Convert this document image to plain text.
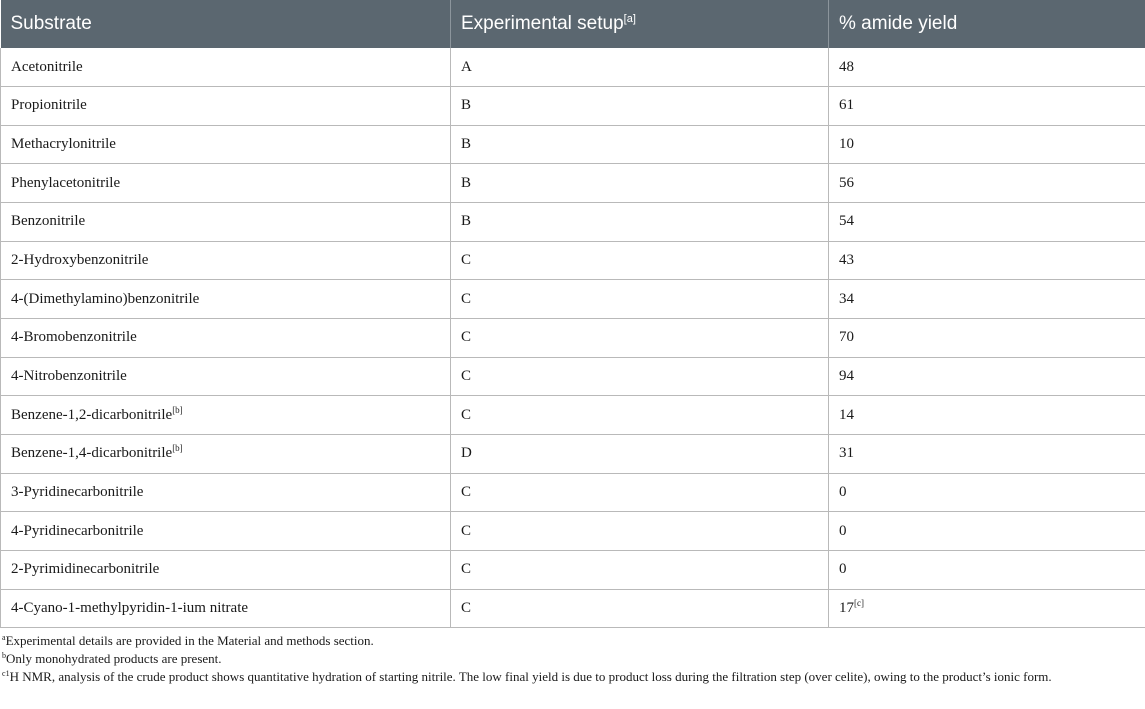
Substrate	Experimental setup[a]	% amide yield
Acetonitrile	A	48
Propionitrile	B	61
Methacrylonitrile	B	10
Phenylacetonitrile	B	56
Benzonitrile	B	54
2-Hydroxybenzonitrile	C	43
4-(Dimethylamino)benzonitrile	C	34
4-Bromobenzonitrile	C	70
4-Nitrobenzonitrile	C	94
Benzene-1,2-dicarbonitrile[b]	C	14
Benzene-1,4-dicarbonitrile[b]	D	31
3-Pyridinecarbonitrile	C	0
4-Pyridinecarbonitrile	C	0
2-Pyrimidinecarbonitrile	C	0
4-Cyano-1-methylpyridin-1-ium nitrate	C	17[c]

$^a$Experimental details are provided in the Material and methods section.

$^b$Only monohydrated products are present.

$^{c1}$H NMR, analysis of the crude product shows quantitative hydration of starting nitrile. The low final yield is due to product loss during the filtration step (over celite), owing to the product’s ionic form.
